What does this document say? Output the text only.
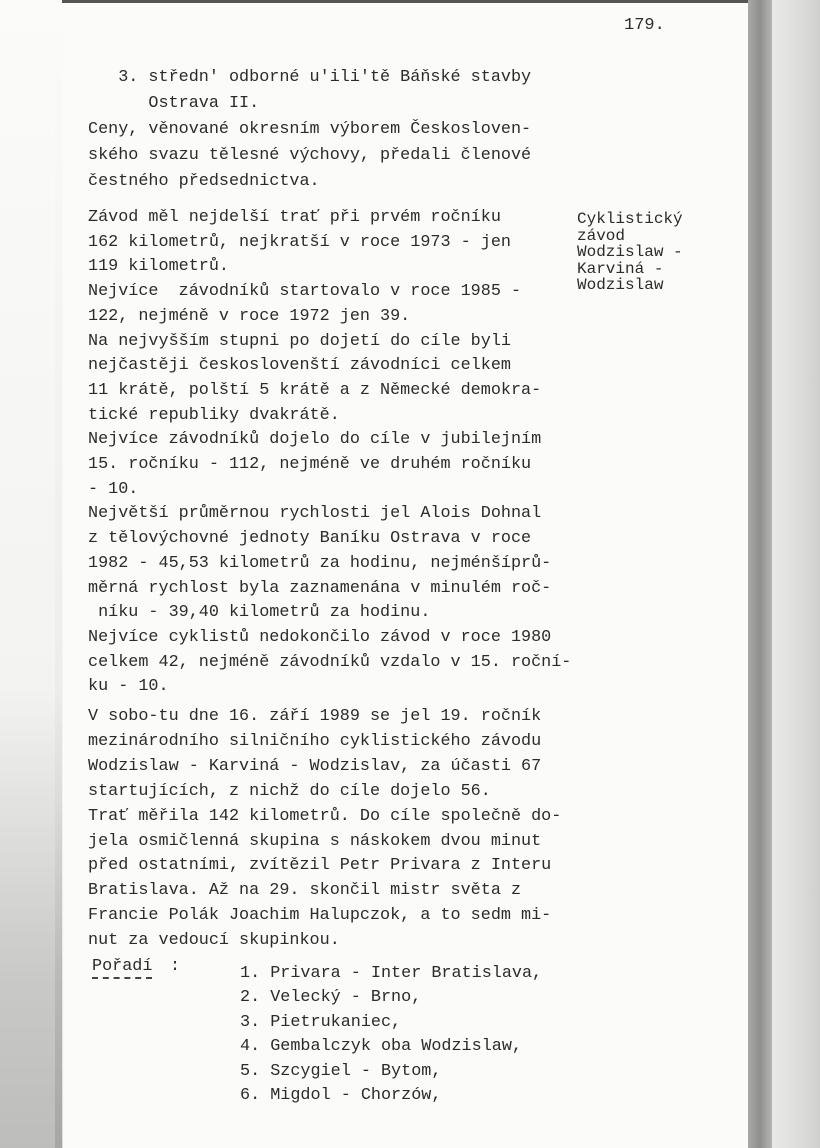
179.
3. středn' odborné u'ili'tě Báňské stavby
Ostrava II.
Ceny, věnované okresním výborem Českosloven-
ského svazu tělesné výchovy, předali členové
čestného předsednictva.
Cyklistický
závod
Wodzislaw -
Karviná -
Wodzislaw
Závod měl nejdelší trať při prvém ročníku
162 kilometrů, nejkratší v roce 1973 - jen
119 kilometrů.
Nejvíce  závodníků startovalo v roce 1985 -
122, nejméně v roce 1972 jen 39.
Na nejvyšším stupni po dojetí do cíle byli
nejčastěji českoslovenští závodníci celkem
11 krátě, polští 5 krátě a z Německé demokra-
tické republiky dvakrátě.
Nejvíce závodníků dojelo do cíle v jubilejním
15. ročníku - 112, nejméně ve druhém ročníku
- 10.
Největší průměrnou rychlosti jel Alois Dohnal
z tělovýchovné jednoty Baníku Ostrava v roce
1982 - 45,53 kilometrů za hodinu, nejménšíprů-
měrná rychlost byla zaznamenána v minulém roč-
níku - 39,40 kilometrů za hodinu.
Nejvíce cyklistů nedokončilo závod v roce 1980
celkem 42, nejméně závodníků vzdalo v 15. roční-
ku - 10.
V sobo-tu dne 16. září 1989 se jel 19. ročník
mezinárodního silničního cyklistického závodu
Wodzislaw - Karviná - Wodzislav, za účasti 67
startujících, z nichž do cíle dojelo 56.
Trať měřila 142 kilometrů. Do cíle společně do-
jela osmičlenná skupina s náskokem dvou minut
před ostatními, zvítězil Petr Privara z Interu
Bratislava. Až na 29. skončil mistr světa z
Francie Polák Joachim Halupczok, a to sedm mi-
nut za vedoucí skupinkou.
Pořadí :	1. Privara - Inter Bratislava,
2. Velecký - Brno,
3. Pietrukaniec,
4. Gembalczyk oba Wodzislaw,
5. Szcygiel - Bytom,
6. Migdol - Chorzów,
